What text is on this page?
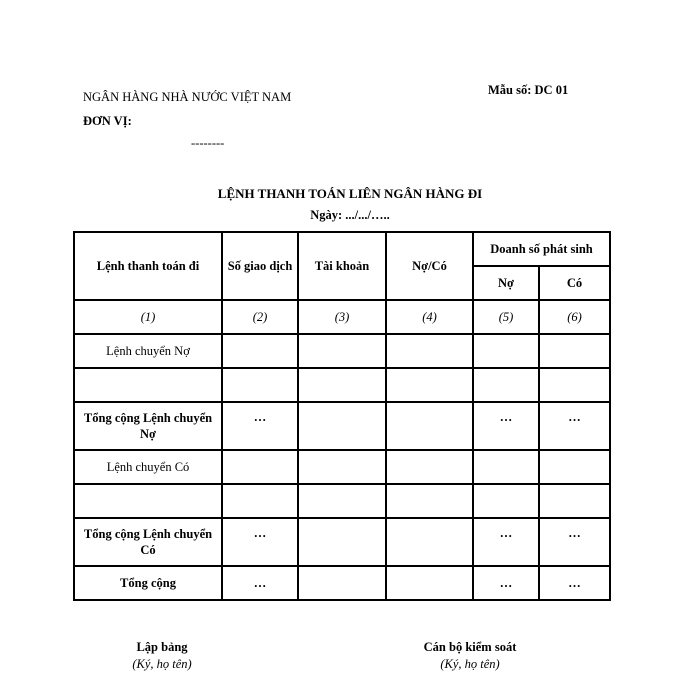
NGÂN HÀNG NHÀ NƯỚC VIỆT NAM
ĐƠN VỊ:
--------
Mẫu số: DC 01
LỆNH THANH TOÁN LIÊN NGÂN HÀNG ĐI
Ngày: .../.../…..
Lệnh thanh toán đi	Số giao dịch	Tài khoản	Nợ/Có	Doanh số phát sinh	
				Nợ	Có
(1)	(2)	(3)	(4)	(5)	(6)
Lệnh chuyển Nợ					

Tổng cộng Lệnh chuyển Nợ	…			…	…
Lệnh chuyển Có					

Tổng cộng Lệnh chuyển Có	…			…	…
Tổng cộng	…			…	…
Lập bảng
(Ký, họ tên)
Cán bộ kiểm soát
(Ký, họ tên)
